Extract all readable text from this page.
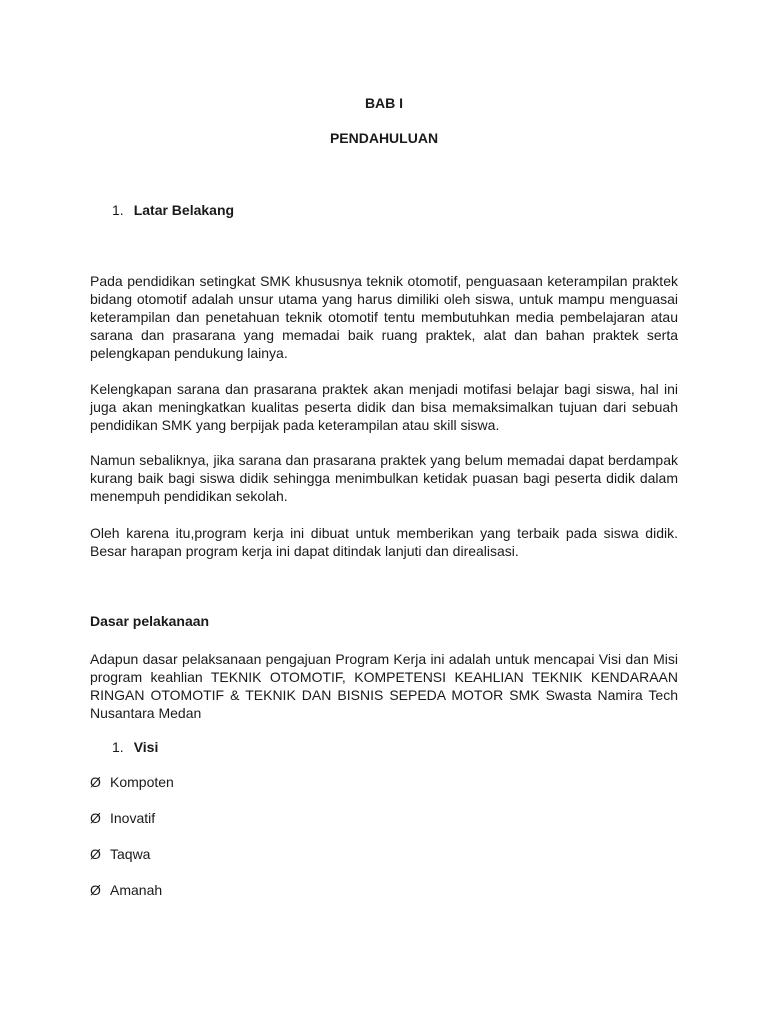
BAB I

PENDAHULUAN

1. Latar Belakang

Pada pendidikan setingkat SMK khususnya teknik otomotif, penguasaan keterampilan praktek bidang otomotif adalah unsur utama yang harus dimiliki oleh siswa, untuk mampu menguasai keterampilan dan penetahuan teknik otomotif tentu membutuhkan media pembelajaran atau sarana dan prasarana yang memadai baik ruang praktek, alat dan bahan praktek serta pelengkapan pendukung lainya.

Kelengkapan sarana dan prasarana praktek akan menjadi motifasi belajar bagi siswa, hal ini juga akan meningkatkan kualitas peserta didik dan bisa memaksimalkan tujuan dari sebuah pendidikan SMK yang berpijak pada keterampilan atau skill siswa.

Namun sebaliknya, jika sarana dan prasarana praktek yang belum memadai dapat berdampak kurang baik bagi siswa didik sehingga menimbulkan ketidak puasan bagi peserta didik dalam menempuh pendidikan sekolah.

Oleh karena itu,program kerja ini dibuat untuk memberikan yang terbaik pada siswa didik. Besar harapan program kerja ini dapat ditindak lanjuti dan direalisasi.

Dasar pelakanaan

Adapun dasar pelaksanaan pengajuan Program Kerja ini adalah untuk mencapai Visi dan Misi program keahlian TEKNIK OTOMOTIF, KOMPETENSI KEAHLIAN TEKNIK KENDARAAN RINGAN OTOMOTIF & TEKNIK DAN BISNIS SEPEDA MOTOR SMK Swasta Namira Tech Nusantara Medan

1. Visi
Ø Kompoten
Ø Inovatif
Ø Taqwa
Ø Amanah
